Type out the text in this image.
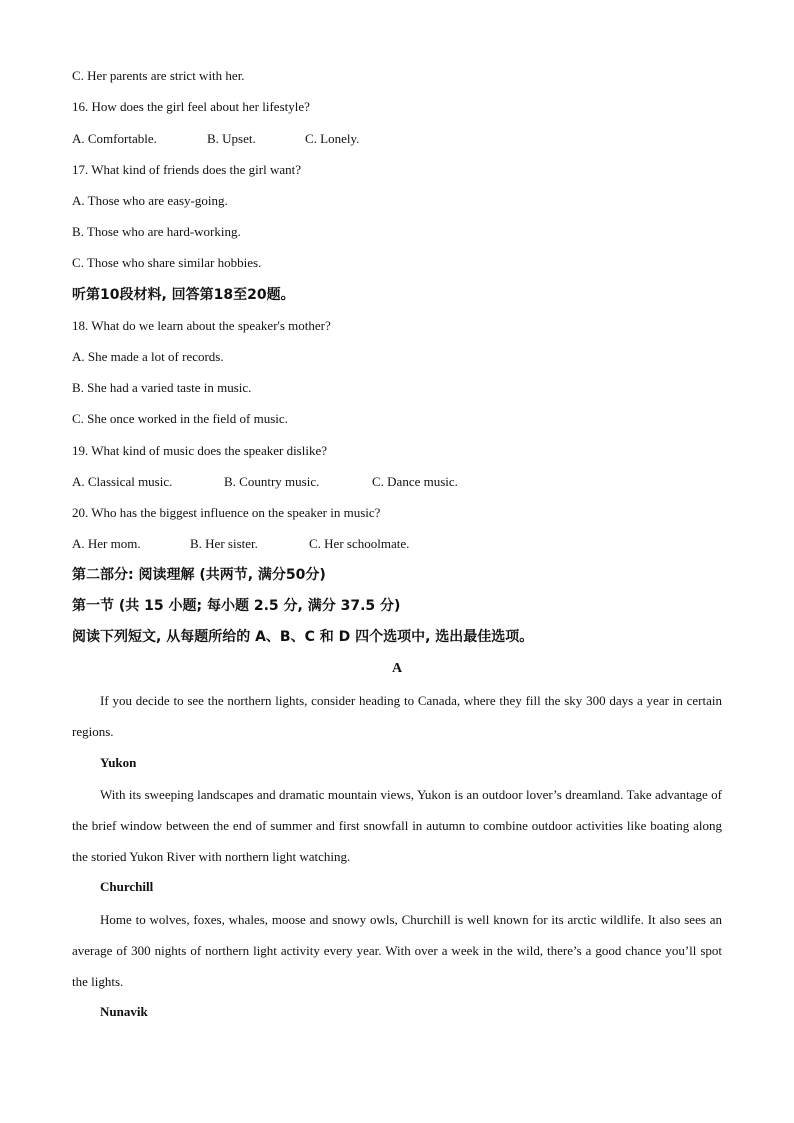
C. Her parents are strict with her.
16. How does the girl feel about her lifestyle?
A. Comfortable.	B. Upset.	C. Lonely.
17. What kind of friends does the girl want?
A. Those who are easy-going.
B. Those who are hard-working.
C. Those who share similar hobbies.
听第10段材料, 回答第18至20题。
18. What do we learn about the speaker's mother?
A. She made a lot of records.
B. She had a varied taste in music.
C. She once worked in the field of music.
19. What kind of music does the speaker dislike?
A. Classical music.	B. Country music.	C. Dance music.
20. Who has the biggest influence on the speaker in music?
A. Her mom.	B. Her sister.	C. Her schoolmate.
第二部分: 阅读理解 (共两节, 满分50分)
第一节 (共 15 小题; 每小题 2.5 分, 满分 37.5 分)
阅读下列短文, 从每题所给的 A、B、C 和 D 四个选项中, 选出最佳选项。
A
If you decide to see the northern lights, consider heading to Canada, where they fill the sky 300 days a year in certain regions.
Yukon
With its sweeping landscapes and dramatic mountain views, Yukon is an outdoor lover’s dreamland. Take advantage of the brief window between the end of summer and first snowfall in autumn to combine outdoor activities like boating along the storied Yukon River with northern light watching.
Churchill
Home to wolves, foxes, whales, moose and snowy owls, Churchill is well known for its arctic wildlife. It also sees an average of 300 nights of northern light activity every year. With over a week in the wild, there’s a good chance you’ll spot the lights.
Nunavik
